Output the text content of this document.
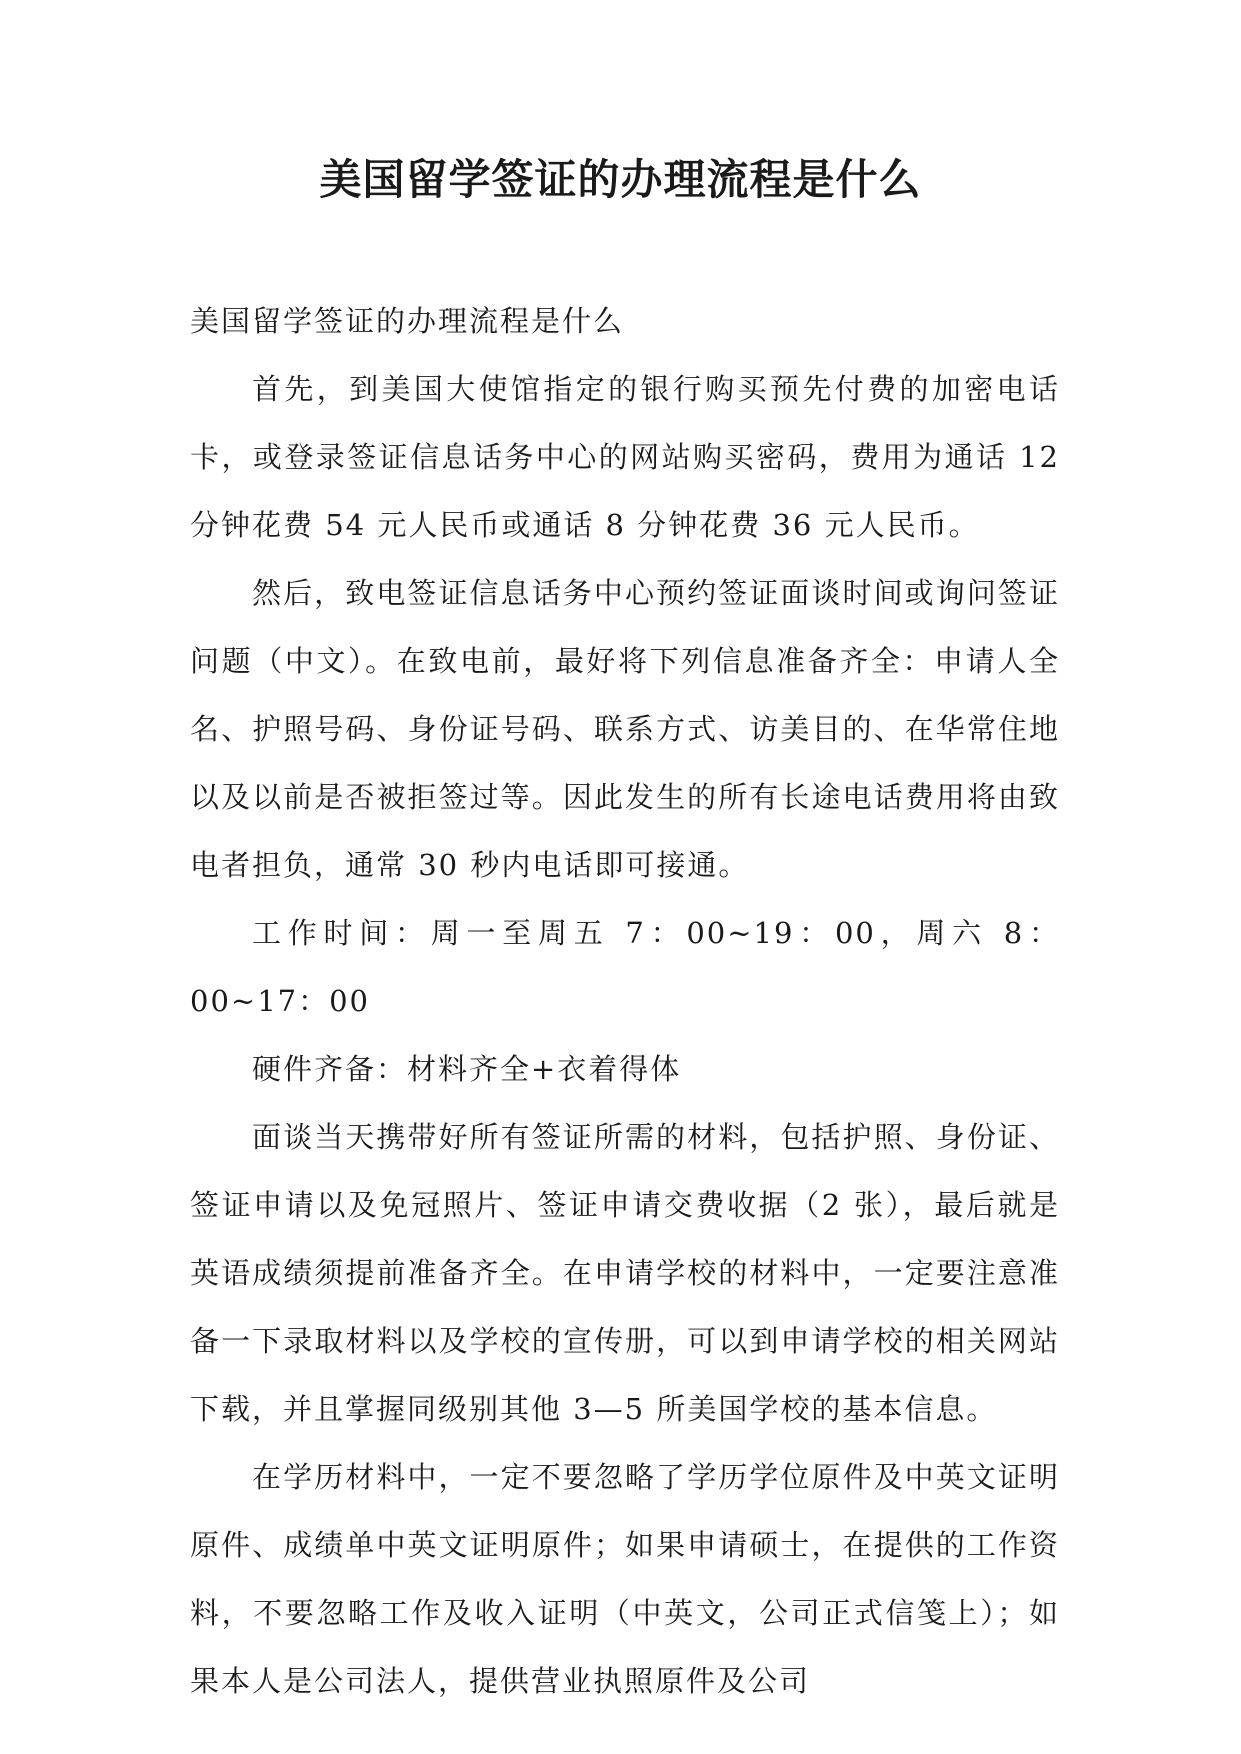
美国留学签证的办理流程是什么

美国留学签证的办理流程是什么

首先，到美国大使馆指定的银行购买预先付费的加密电话卡，或登录签证信息话务中心的网站购买密码，费用为通话 12 分钟花费 54 元人民币或通话 8 分钟花费 36 元人民币。

然后，致电签证信息话务中心预约签证面谈时间或询问签证问题（中文）。在致电前，最好将下列信息准备齐全：申请人全名、护照号码、身份证号码、联系方式、访美目的、在华常住地以及以前是否被拒签过等。因此发生的所有长途电话费用将由致电者担负，通常 30 秒内电话即可接通。

工作时间：周一至周五 7：00~19：00，周六 8：00~17：00

硬件齐备：材料齐全+衣着得体

面谈当天携带好所有签证所需的材料，包括护照、身份证、签证申请以及免冠照片、签证申请交费收据（2 张），最后就是英语成绩须提前准备齐全。在申请学校的材料中，一定要注意准备一下录取材料以及学校的宣传册，可以到申请学校的相关网站下载，并且掌握同级别其他 3—5 所美国学校的基本信息。

在学历材料中，一定不要忽略了学历学位原件及中英文证明原件、成绩单中英文证明原件；如果申请硕士，在提供的工作资料，不要忽略工作及收入证明（中英文，公司正式信笺上）；如果本人是公司法人，提供营业执照原件及公司
